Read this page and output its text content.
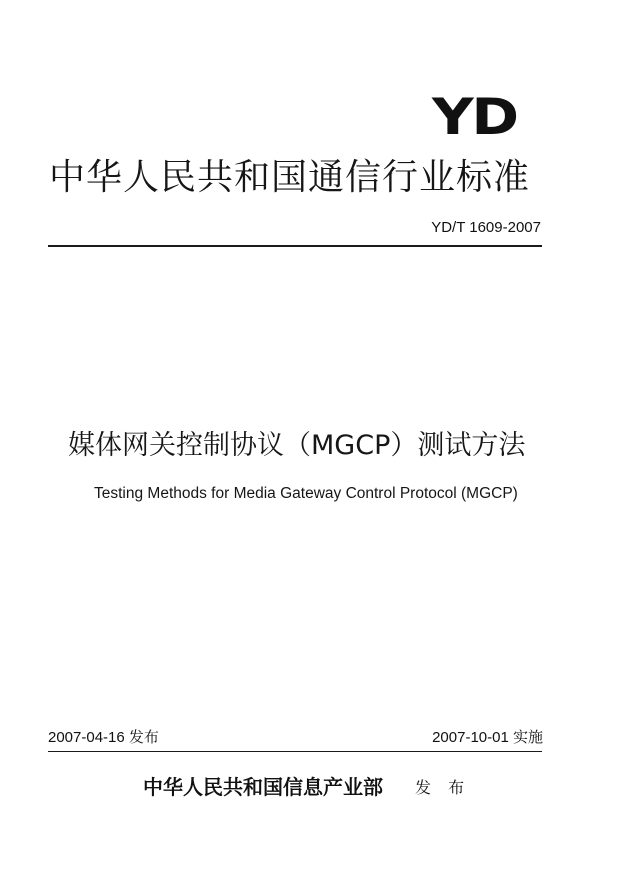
YD
中华人民共和国通信行业标准
YD/T 1609-2007
媒体网关控制协议（MGCP）测试方法
Testing Methods for Media Gateway Control Protocol (MGCP)
2007-04-16 发布	2007-10-01 实施
中华人民共和国信息产业部 发 布
